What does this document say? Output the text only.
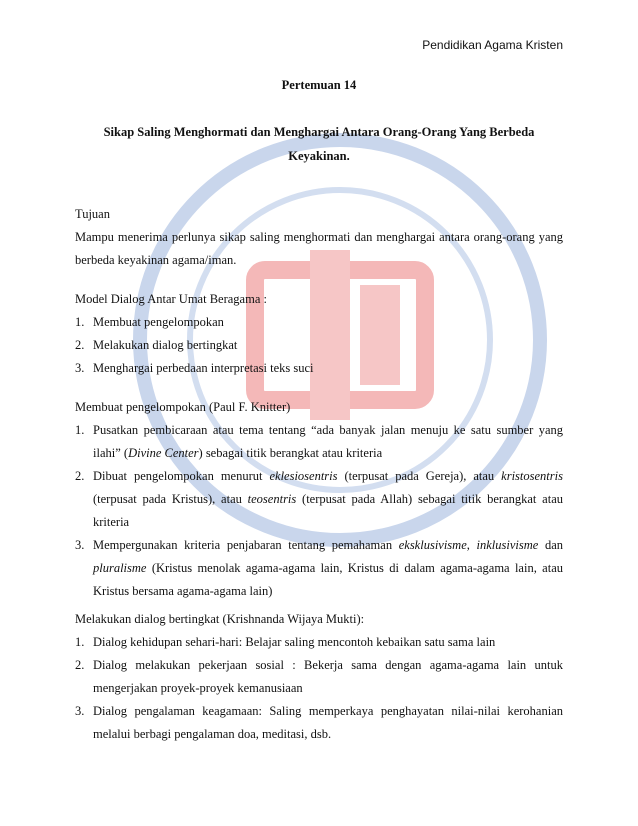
Pendidikan Agama Kristen
Pertemuan 14
Sikap Saling Menghormati dan Menghargai Antara Orang-Orang Yang Berbeda Keyakinan.

Tujuan

Mampu menerima perlunya sikap saling menghormati dan menghargai antara orang-orang yang berbeda keyakinan agama/iman.

Model Dialog Antar Umat Beragama :

1. Membuat pengelompokan
2. Melakukan dialog bertingkat
3. Menghargai perbedaan interpretasi teks suci

Membuat pengelompokan (Paul F. Knitter)

1. Pusatkan pembicaraan atau tema tentang “ada banyak jalan menuju ke satu sumber yang ilahi” (Divine Center) sebagai titik berangkat atau kriteria
2. Dibuat pengelompokan menurut eklesiosentris (terpusat pada Gereja), atau kristosentris (terpusat pada Kristus), atau teosentris (terpusat pada Allah) sebagai titik berangkat atau kriteria
3. Mempergunakan kriteria penjabaran tentang pemahaman eksklusivisme, inklusivisme dan pluralisme (Kristus menolak agama-agama lain, Kristus di dalam agama-agama lain, atau Kristus bersama agama-agama lain)

Melakukan dialog bertingkat (Krishnanda Wijaya Mukti):

1. Dialog kehidupan sehari-hari: Belajar saling mencontoh kebaikan satu sama lain
2. Dialog melakukan pekerjaan sosial : Bekerja sama dengan agama-agama lain untuk mengerjakan proyek-proyek kemanusiaan
3. Dialog pengalaman keagamaan: Saling memperkaya penghayatan nilai-nilai kerohanian melalui berbagi pengalaman doa, meditasi, dsb.
